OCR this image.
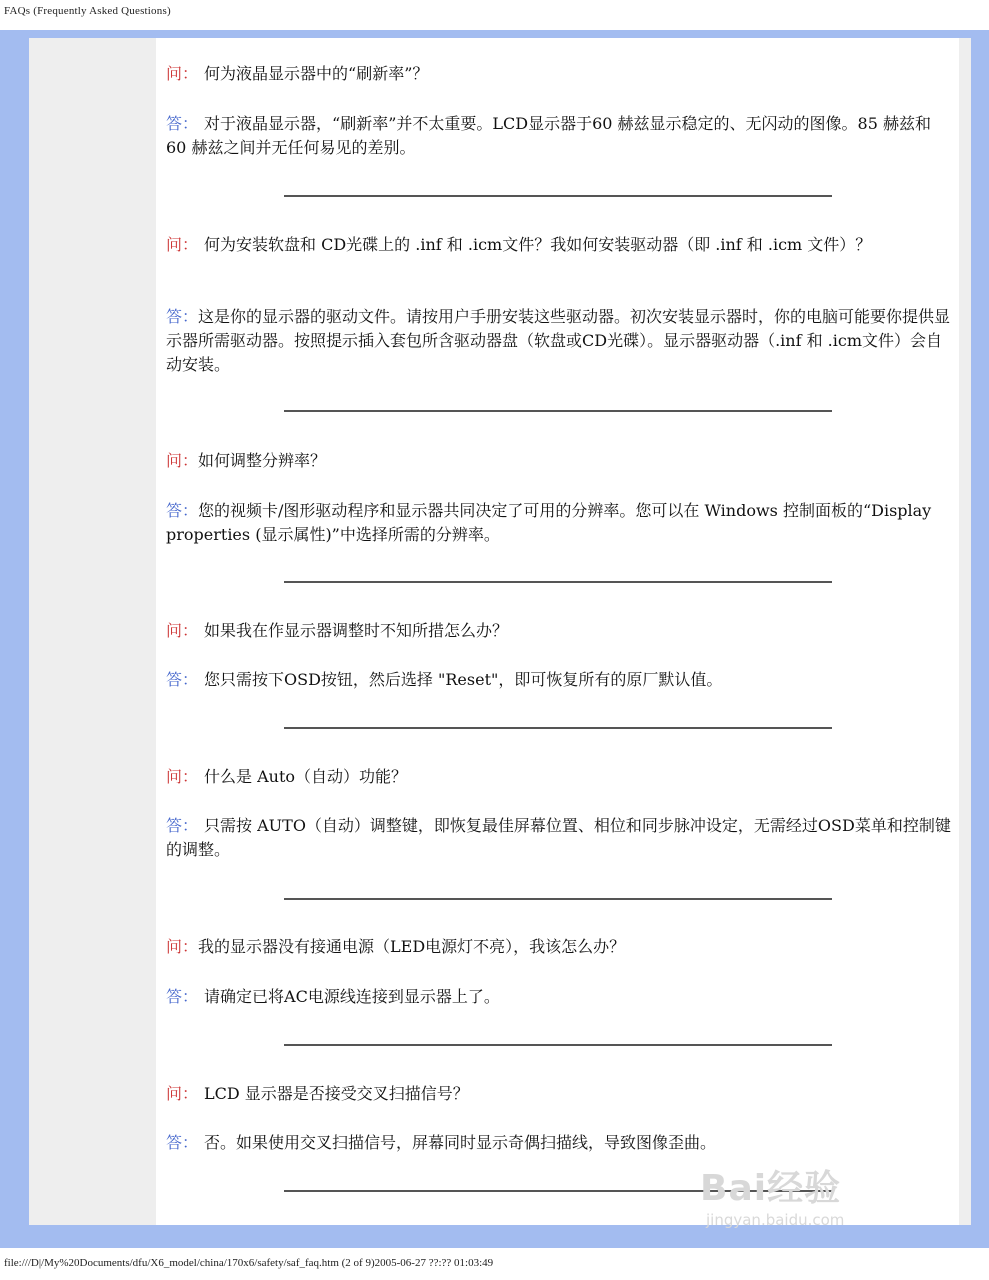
FAQs (Frequently Asked Questions)

问： 何为液晶显示器中的“刷新率”？

答： 对于液晶显示器，“刷新率”并不太重要。LCD显示器于60 赫兹显示稳定的、无闪动的图像。85 赫兹和 60 赫兹之间并无任何易见的差别。

问： 何为安装软盘和 CD光碟上的 .inf 和 .icm文件？我如何安装驱动器（即 .inf 和 .icm 文件）？

答：这是你的显示器的驱动文件。请按用户手册安装这些驱动器。初次安装显示器时，你的电脑可能要你提供显示器所需驱动器。按照提示插入套包所含驱动器盘（软盘或CD光碟）。显示器驱动器（.inf 和 .icm文件）会自动安装。

问：如何调整分辨率？

答：您的视频卡/图形驱动程序和显示器共同决定了可用的分辨率。您可以在 Windows 控制面板的“Display properties (显示属性)”中选择所需的分辨率。

问： 如果我在作显示器调整时不知所措怎么办？

答： 您只需按下OSD按钮，然后选择 "Reset"，即可恢复所有的原厂默认值。

问： 什么是 Auto（自动）功能？

答： 只需按 AUTO（自动）调整键，即恢复最佳屏幕位置、相位和同步脉冲设定，无需经过OSD菜单和控制键的调整。

问：我的显示器没有接通电源（LED电源灯不亮），我该怎么办？

答： 请确定已将AC电源线连接到显示器上了。

问： LCD 显示器是否接受交叉扫描信号？

答： 否。如果使用交叉扫描信号，屏幕同时显示奇偶扫描线，导致图像歪曲。

Bai经验
jingyan.baidu.com
file:///D|/My%20Documents/dfu/X6_model/china/170x6/safety/saf_faq.htm (2 of 9)2005-06-27 ??:?? 01:03:49
